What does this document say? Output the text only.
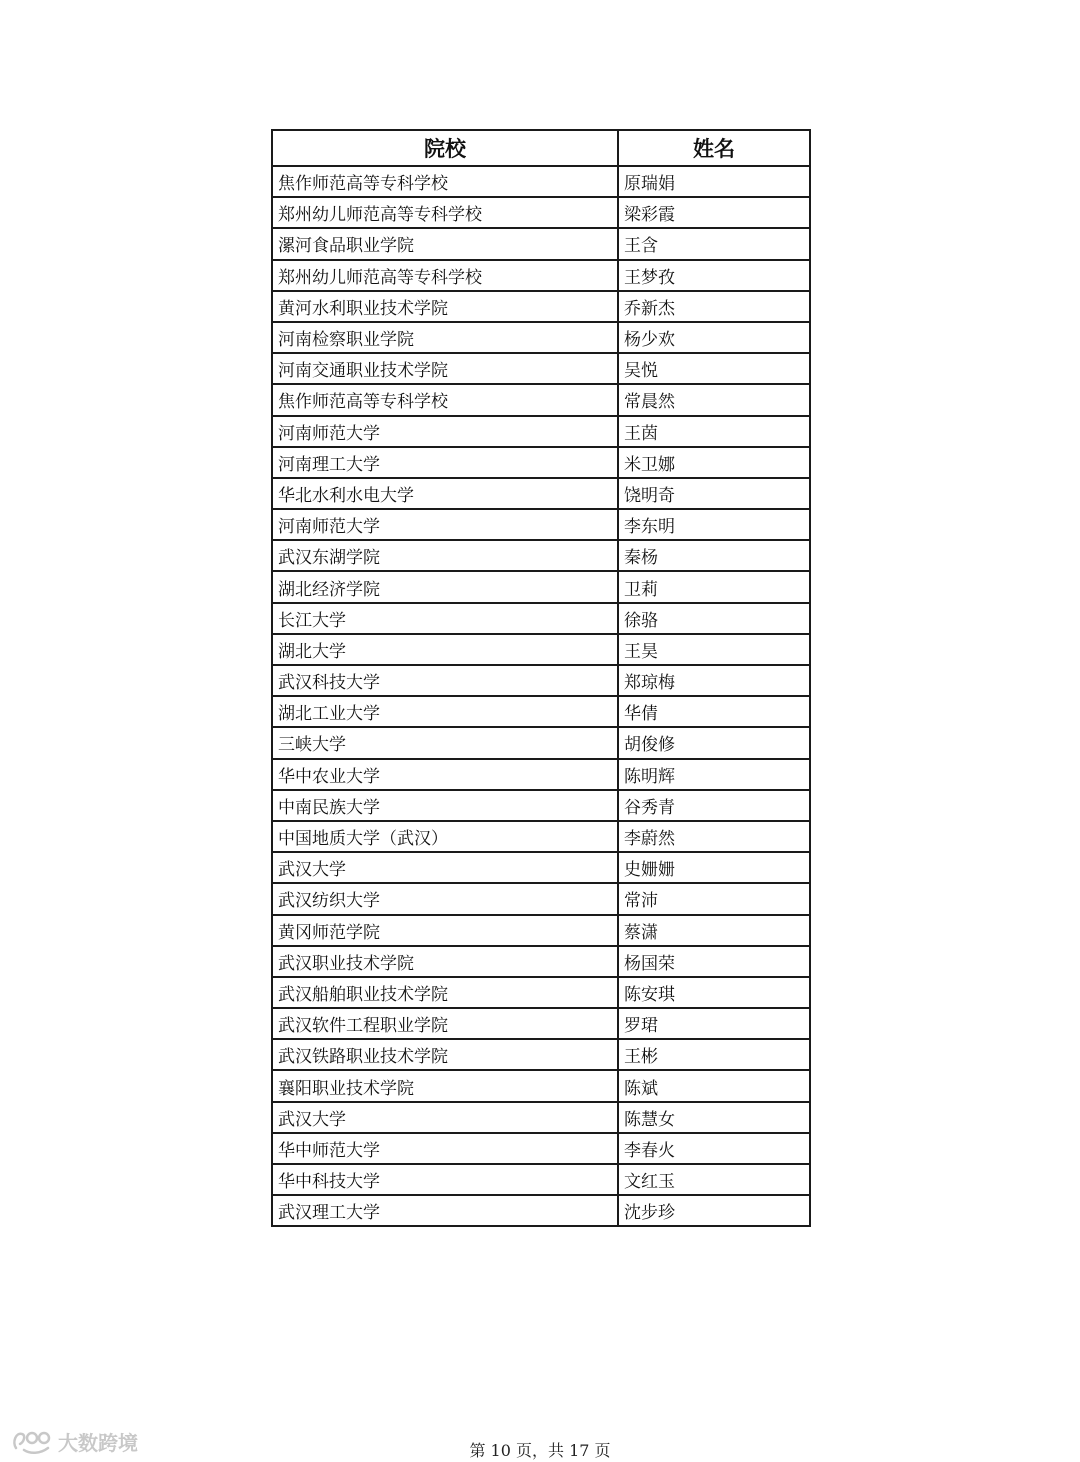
院校	姓名
焦作师范高等专科学校	原瑞娟
郑州幼儿师范高等专科学校	梁彩霞
漯河食品职业学院	王含
郑州幼儿师范高等专科学校	王梦孜
黄河水利职业技术学院	乔新杰
河南检察职业学院	杨少欢
河南交通职业技术学院	吴悦
焦作师范高等专科学校	常晨然
河南师范大学	王茵
河南理工大学	米卫娜
华北水利水电大学	饶明奇
河南师范大学	李东明
武汉东湖学院	秦杨
湖北经济学院	卫莉
长江大学	徐骆
湖北大学	王昊
武汉科技大学	郑琼梅
湖北工业大学	华倩
三峡大学	胡俊修
华中农业大学	陈明辉
中南民族大学	谷秀青
中国地质大学（武汉）	李蔚然
武汉大学	史姗姗
武汉纺织大学	常沛
黄冈师范学院	蔡潇
武汉职业技术学院	杨国荣
武汉船舶职业技术学院	陈安琪
武汉软件工程职业学院	罗珺
武汉铁路职业技术学院	王彬
襄阳职业技术学院	陈斌
武汉大学	陈慧女
华中师范大学	李春火
华中科技大学	文红玉
武汉理工大学	沈步珍
第 10 页，共 17 页
大数跨境
